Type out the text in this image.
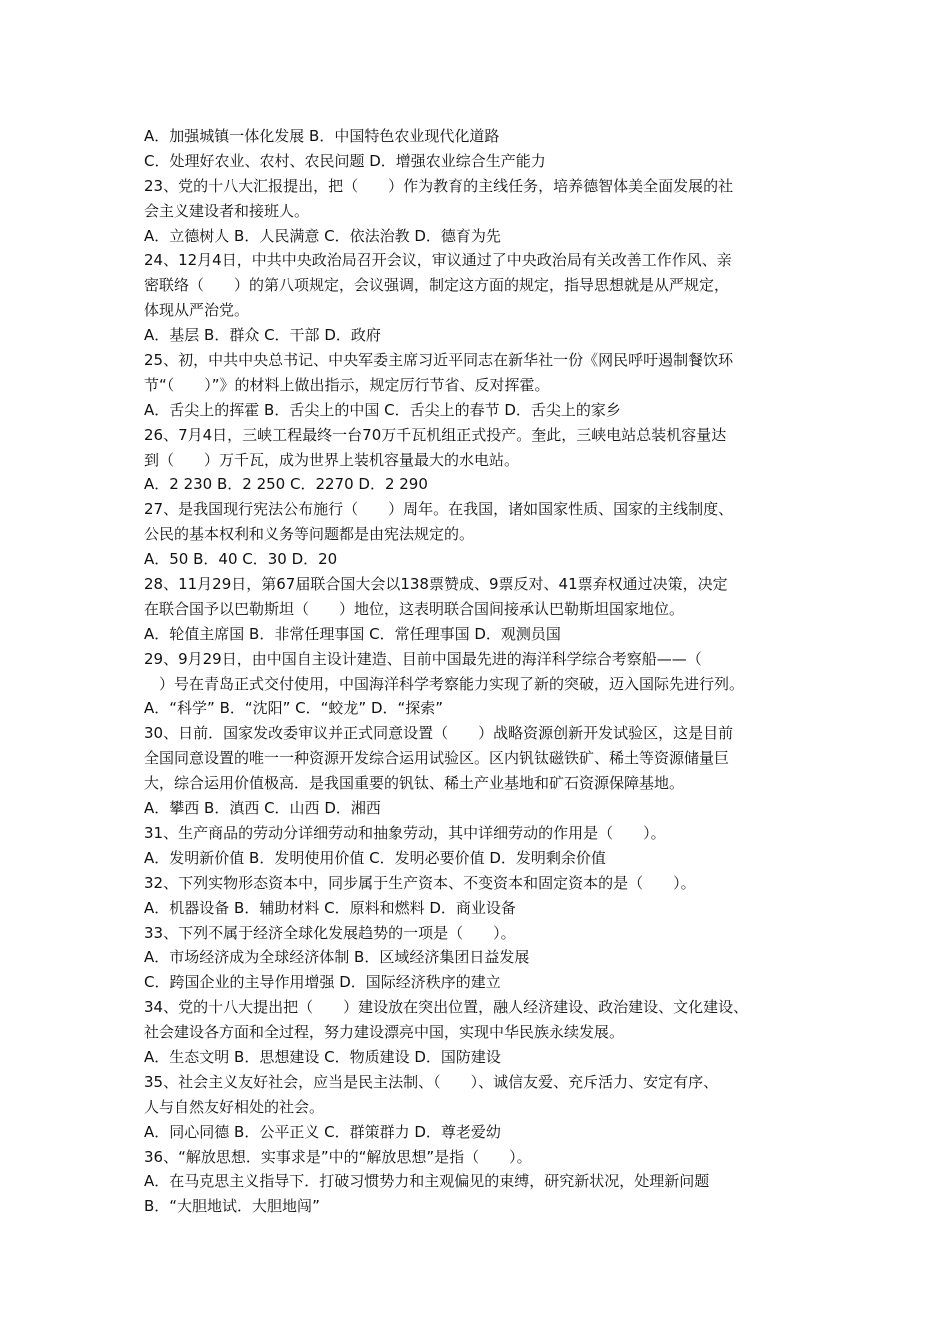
A．加强城镇一体化发展 B．中国特色农业现代化道路
C．处理好农业、农村、农民问题 D．增强农业综合生产能力
23、党的十八大汇报提出，把（　　）作为教育的主线任务，培养德智体美全面发展的社
会主义建设者和接班人。
A．立德树人 B．人民满意 C．依法治教 D．德育为先
24、12月4日，中共中央政治局召开会议，审议通过了中央政治局有关改善工作作风、亲
密联络（　　）的第八项规定，会议强调，制定这方面的规定，指导思想就是从严规定，
体现从严治党。
A．基层 B．群众 C．干部 D．政府
25、初，中共中央总书记、中央军委主席习近平同志在新华社一份《网民呼吁遏制餐饮环
节“（　　）”》的材料上做出指示，规定厉行节省、反对挥霍。
A．舌尖上的挥霍 B．舌尖上的中国 C．舌尖上的春节 D．舌尖上的家乡
26、7月4日，三峡工程最终一台70万千瓦机组正式投产。奎此，三峡电站总装机容量达
到（　　）万千瓦，成为世界上装机容量最大的水电站。
A．2 230 B．2 250 C．2270 D．2 290
27、是我国现行宪法公布施行（　　）周年。在我国，诸如国家性质、国家的主线制度、
公民的基本权利和义务等问题都是由宪法规定的。
A．50 B．40 C．30 D．20
28、11月29日，第67届联合国大会以138票赞成、9票反对、41票弃权通过决策，决定
在联合国予以巴勒斯坦（　　）地位，这表明联合国间接承认巴勒斯坦国家地位。
A．轮值主席国 B．非常任理事国 C．常任理事国 D．观测员国
29、9月29日，由中国自主设计建造、目前中国最先进的海洋科学综合考察船——（
　）号在青岛正式交付使用，中国海洋科学考察能力实现了新的突破，迈入国际先进行列。
A．“科学” B．“沈阳” C．“蛟龙” D．“探索”
30、日前．国家发改委审议并正式同意设置（　　）战略资源创新开发试验区，这是目前
全国同意设置的唯一一种资源开发综合运用试验区。区内钒钛磁铁矿、稀土等资源储量巨
大，综合运用价值极高．是我国重要的钒钛、稀土产业基地和矿石资源保障基地。
A．攀西 B．滇西 C．山西 D．湘西
31、生产商品的劳动分详细劳动和抽象劳动，其中详细劳动的作用是（　　）。
A．发明新价值 B．发明使用价值 C．发明必要价值 D．发明剩余价值
32、下列实物形态资本中，同步属于生产资本、不变资本和固定资本的是（　　）。
A．机器设备 B．辅助材料 C．原料和燃料 D．商业设备
33、下列不属于经济全球化发展趋势的一项是（　　）。
A．市场经济成为全球经济体制 B．区域经济集团日益发展
C．跨国企业的主导作用增强 D．国际经济秩序的建立
34、党的十八大提出把（　　）建设放在突出位置，融人经济建设、政治建设、文化建设、
社会建设各方面和全过程，努力建设漂亮中国，实现中华民族永续发展。
A．生态文明 B．思想建设 C．物质建设 D．国防建设
35、社会主义友好社会，应当是民主法制、（　　）、诚信友爱、充斥活力、安定有序、
人与自然友好相处的社会。
A．同心同德 B．公平正义 C．群策群力 D．尊老爱幼
36、“解放思想．实事求是”中的“解放思想”是指（　　）。
A．在马克思主义指导下．打破习惯势力和主观偏见的束缚，研究新状况，处理新问题
B．“大胆地试．大胆地闯”
